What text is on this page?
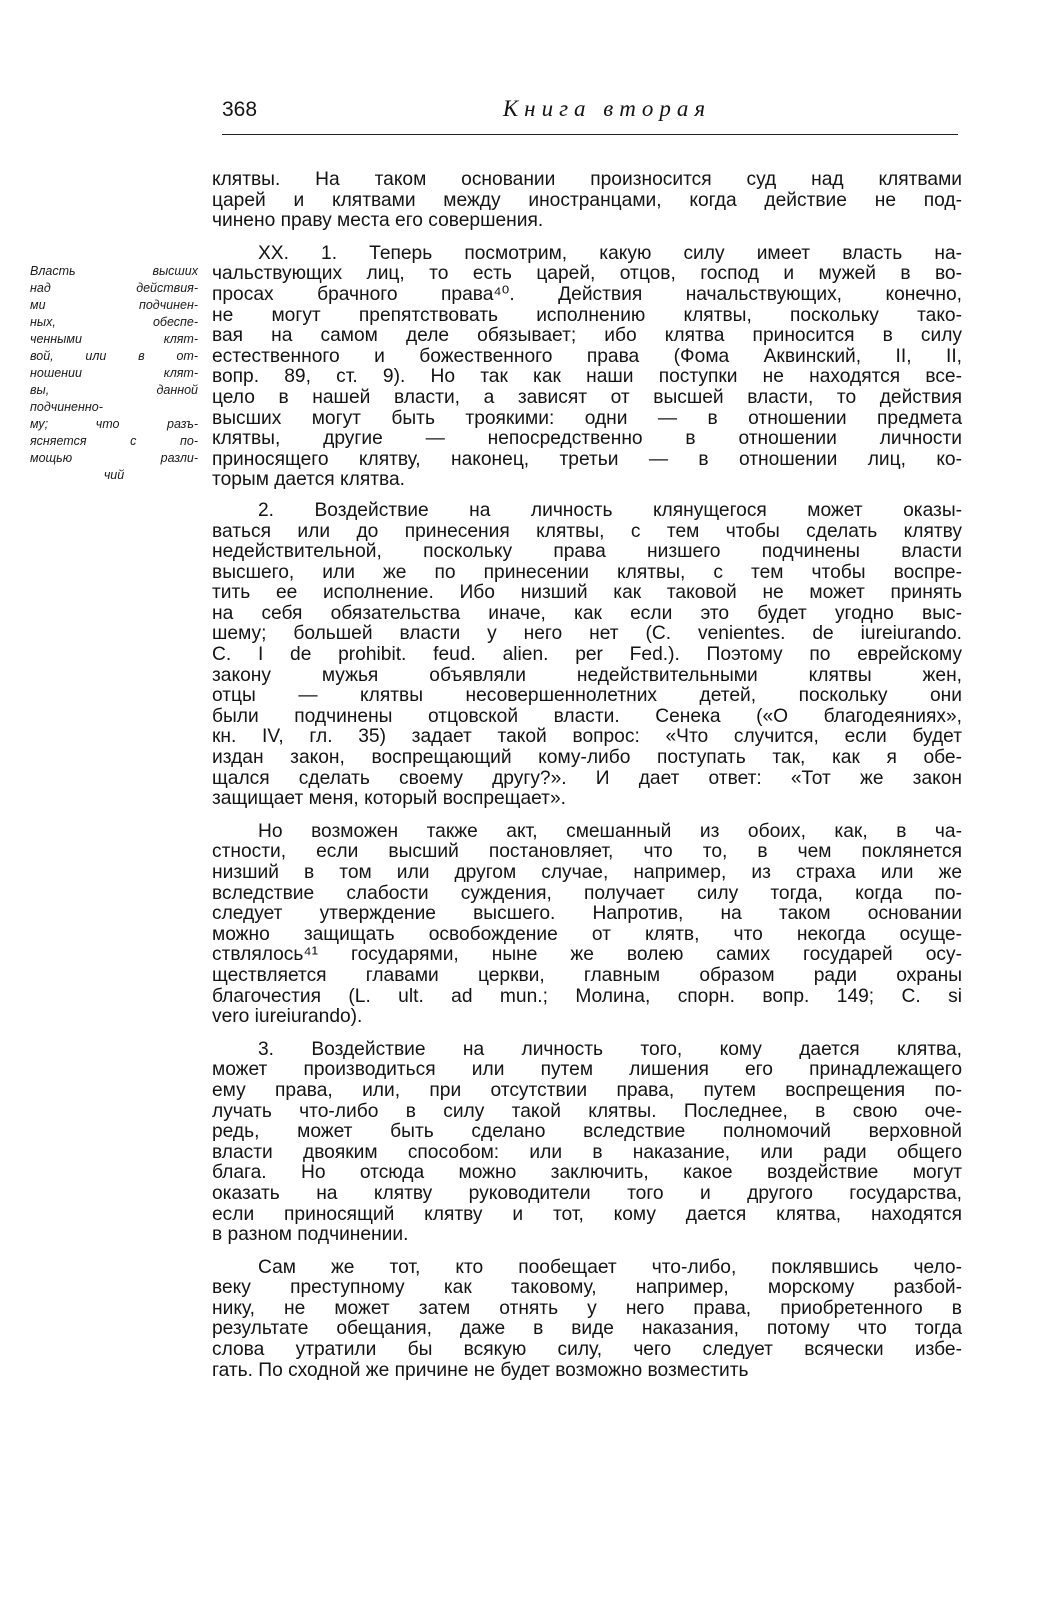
368	Книга вторая
Власть высших
над действия-
ми подчинен-
ных, обеспе-
ченными клят-
вой, или в от-
ношении клят-
вы, данной
подчиненно-
му; что разъ-
ясняется с по-
мощью разли-
чий
клятвы. На таком основании произносится суд над клятвами
царей и клятвами между иностранцами, когда действие не под-
чинено праву места его совершения.
XX. 1. Теперь посмотрим, какую силу имеет власть на-
чальствующих лиц, то есть царей, отцов, господ и мужей в во-
просах брачного права⁴⁰. Действия начальствующих, конечно,
не могут препятствовать исполнению клятвы, поскольку тако-
вая на самом деле обязывает; ибо клятва приносится в силу
естественного и божественного права (Фома Аквинский, II, II,
вопр. 89, ст. 9). Но так как наши поступки не находятся все-
цело в нашей власти, а зависят от высшей власти, то действия
высших могут быть троякими: одни — в отношении предмета
клятвы, другие — непосредственно в отношении личности
приносящего клятву, наконец, третьи — в отношении лиц, ко-
торым дается клятва.
2. Воздействие на личность клянущегося может оказы-
ваться или до принесения клятвы, с тем чтобы сделать клятву
недействительной, поскольку права низшего подчинены власти
высшего, или же по принесении клятвы, с тем чтобы воспре-
тить ее исполнение. Ибо низший как таковой не может принять
на себя обязательства иначе, как если это будет угодно выс-
шему; большей власти у него нет (C. venientes. de iureiurando.
C. I de prohibit. feud. alien. per Fed.). Поэтому по еврейскому
закону мужья объявляли недействительными клятвы жен,
отцы — клятвы несовершеннолетних детей, поскольку они
были подчинены отцовской власти. Сенека («О благодеяниях»,
кн. IV, гл. 35) задает такой вопрос: «Что случится, если будет
издан закон, воспрещающий кому-либо поступать так, как я обе-
щался сделать своему другу?». И дает ответ: «Тот же закон
защищает меня, который воспрещает».
Но возможен также акт, смешанный из обоих, как, в ча-
стности, если высший постановляет, что то, в чем поклянется
низший в том или другом случае, например, из страха или же
вследствие слабости суждения, получает силу тогда, когда по-
следует утверждение высшего. Напротив, на таком основании
можно защищать освобождение от клятв, что некогда осуще-
ствлялось⁴¹ государями, ныне же волею самих государей осу-
ществляется главами церкви, главным образом ради охраны
благочестия (L. ult. ad mun.; Молина, спорн. вопр. 149; C. si
vero iureiurando).
3. Воздействие на личность того, кому дается клятва,
может производиться или путем лишения его принадлежащего
ему права, или, при отсутствии права, путем воспрещения по-
лучать что-либо в силу такой клятвы. Последнее, в свою оче-
редь, может быть сделано вследствие полномочий верховной
власти двояким способом: или в наказание, или ради общего
блага. Но отсюда можно заключить, какое воздействие могут
оказать на клятву руководители того и другого государства,
если приносящий клятву и тот, кому дается клятва, находятся
в разном подчинении.
Сам же тот, кто пообещает что-либо, поклявшись чело-
веку преступному как таковому, например, морскому разбой-
нику, не может затем отнять у него права, приобретенного в
результате обещания, даже в виде наказания, потому что тогда
слова утратили бы всякую силу, чего следует всячески избе-
гать. По сходной же причине не будет возможно возместить
